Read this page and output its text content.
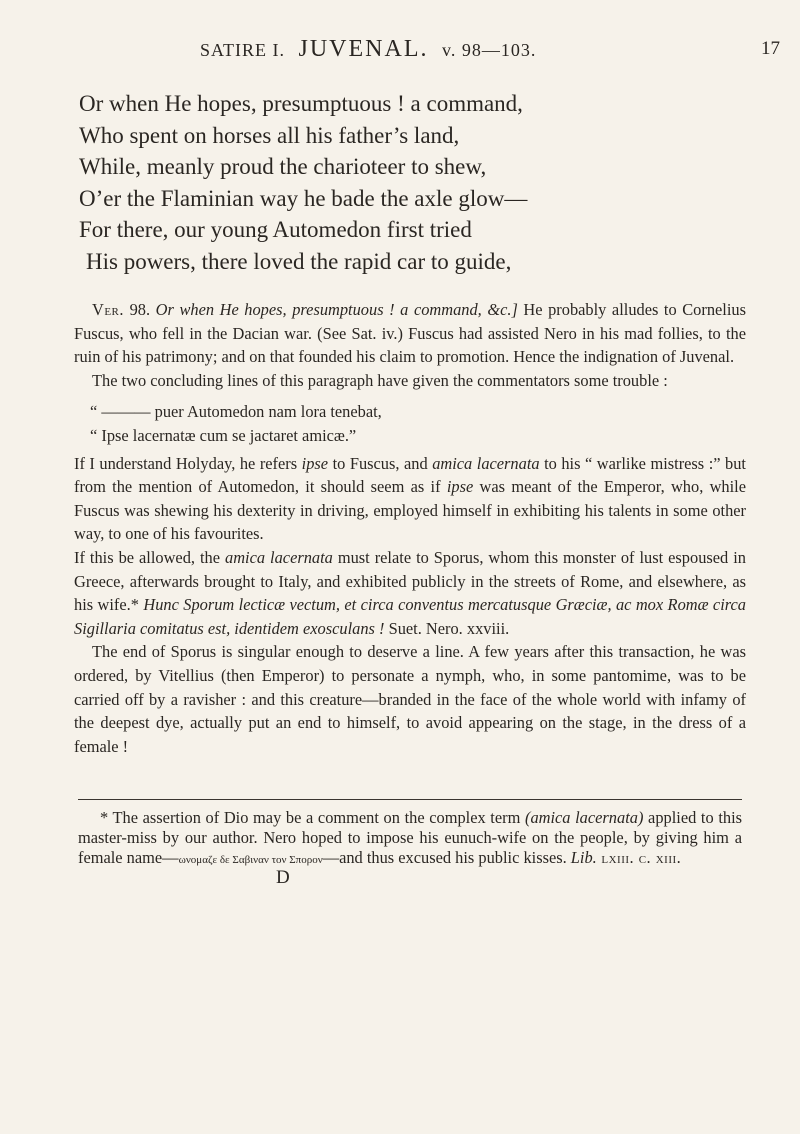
SATIRE I. JUVENAL. v. 98—103.	17
Or when He hopes, presumptuous ! a command,
Who spent on horses all his father’s land,
While, meanly proud the charioteer to shew,
O’er the Flaminian way he bade the axle glow—
For there, our young Automedon first tried
His powers, there loved the rapid car to guide,

Ver. 98. Or when He hopes, presumptuous ! a command, &c.] He probably alludes to Cornelius Fuscus, who fell in the Dacian war. (See Sat. iv.) Fuscus had assisted Nero in his mad follies, to the ruin of his patrimony; and on that founded his claim to promotion. Hence the indignation of Juvenal.

The two concluding lines of this paragraph have given the commentators some trouble :

“ ——— puer Automedon nam lora tenebat,
“ Ipse lacernatæ cum se jactaret amicæ.”

If I understand Holyday, he refers ipse to Fuscus, and amica lacernata to his “ warlike mistress :” but from the mention of Automedon, it should seem as if ipse was meant of the Emperor, who, while Fuscus was shewing his dexterity in driving, employed himself in exhibiting his talents in some other way, to one of his favourites.

If this be allowed, the amica lacernata must relate to Sporus, whom this monster of lust espoused in Greece, afterwards brought to Italy, and exhibited publicly in the streets of Rome, and elsewhere, as his wife.* Hunc Sporum lecticæ vectum, et circa conventus mercatusque Græciæ, ac mox Romæ circa Sigillaria comitatus est, identidem exosculans ! Suet. Nero. xxviii.

The end of Sporus is singular enough to deserve a line. A few years after this transaction, he was ordered, by Vitellius (then Emperor) to personate a nymph, who, in some pantomime, was to be carried off by a ravisher : and this creature—branded in the face of the whole world with infamy of the deepest dye, actually put an end to himself, to avoid appearing on the stage, in the dress of a female !

* The assertion of Dio may be a comment on the complex term (amica lacernata) applied to this master-miss by our author. Nero hoped to impose his eunuch-wife on the people, by giving him a female name—ωνομαζε δε Σαβιναν τον Σπορον—and thus excused his public kisses. Lib. lxiii. c. xiii.

D
